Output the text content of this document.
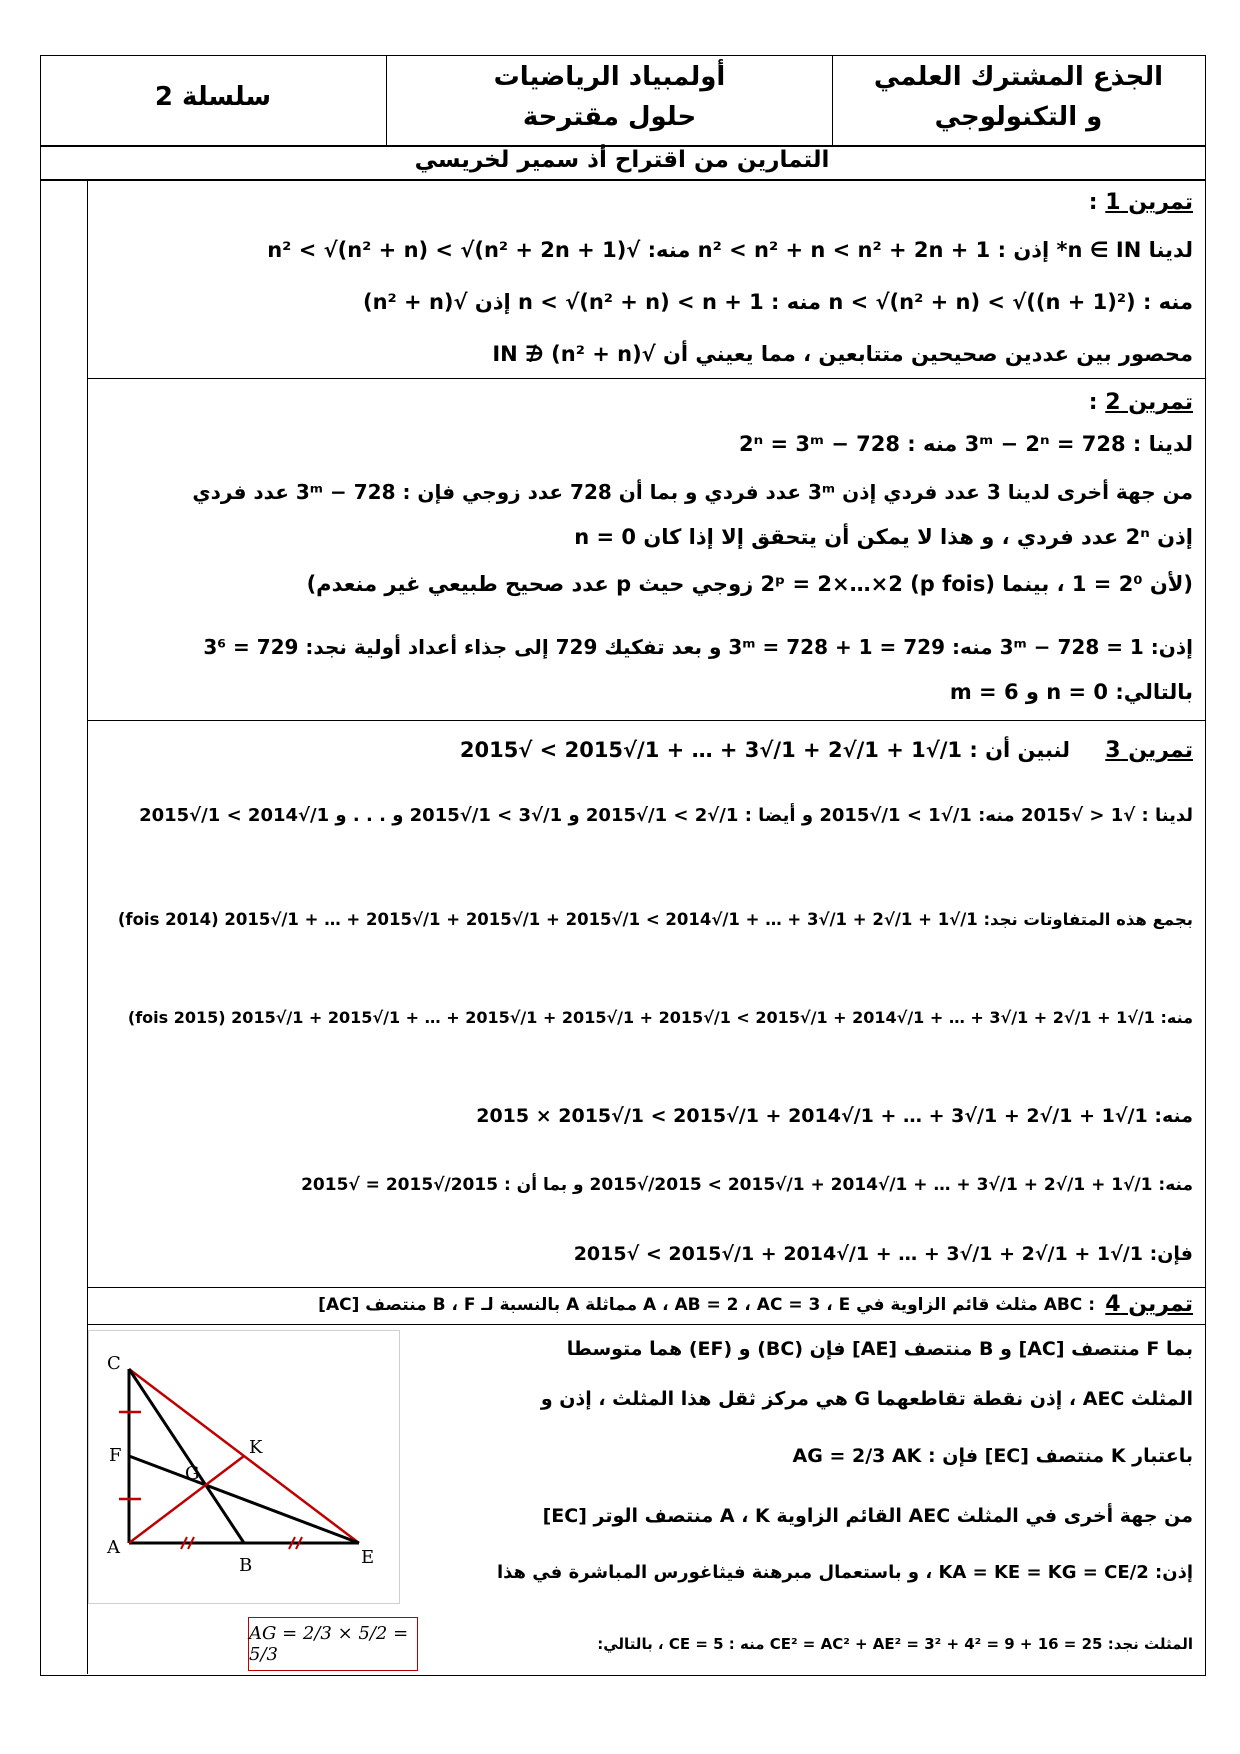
سلسلة 2
أولمبياد الرياضيات
حلول مقترحة
الجذع المشترك العلمي
و التكنولوجي
التمارين من اقتراح أذ سمير لخريسي
تمرين 1 :
لدينا n ∈ IN* إذن : n² < n² + n < n² + 2n + 1 منه: √n² < √(n² + n) < √(n² + 2n + 1)
منه : n < √(n² + n) < √((n + 1)²) منه : n < √(n² + n) < n + 1 إذن √(n² + n)
محصور بين عددين صحيحين متتابعين ، مما يعيني أن √(n² + n) ∉ IN
تمرين 2 :
لدينا : 3ᵐ − 2ⁿ = 728 منه : 2ⁿ = 3ᵐ − 728
من جهة أخرى لدينا 3 عدد فردي إذن 3ᵐ عدد فردي و بما أن 728 عدد زوجي فإن : 3ᵐ − 728 عدد فردي
إذن 2ⁿ عدد فردي ، و هذا لا يمكن أن يتحقق إلا إذا كان n = 0
(لأن 2⁰ = 1 ، بينما 2ᵖ = 2×…×2 (p fois) زوجي حيث p عدد صحيح طبيعي غير منعدم)
إذن: 3ᵐ − 728 = 1 منه: 3ᵐ = 728 + 1 = 729 و بعد تفكيك 729 إلى جذاء أعداد أولية نجد: 729 = 3⁶
بالتالي: n = 0 و m = 6
تمرين 3
لنبين أن : 1/√1 + 1/√2 + 1/√3 + … + 1/√2015 > √2015
لدينا : √1 < √2015 منه: 1/√1 > 1/√2015 و أيضا : 1/√2 > 1/√2015 و 1/√3 > 1/√2015 و . . . و 1/√2014 > 1/√2015
بجمع هذه المتفاوتات نجد: 1/√1 + 1/√2 + 1/√3 + … + 1/√2014 > 1/√2015 + 1/√2015 + 1/√2015 + … + 1/√2015 (2014 fois)
منه: 1/√1 + 1/√2 + 1/√3 + … + 1/√2014 + 1/√2015 > 1/√2015 + 1/√2015 + 1/√2015 + … + 1/√2015 + 1/√2015 (2015 fois)
منه: 1/√1 + 1/√2 + 1/√3 + … + 1/√2014 + 1/√2015 > 1/√2015 × 2015
منه: 1/√1 + 1/√2 + 1/√3 + … + 1/√2014 + 1/√2015 > 2015/√2015 و بما أن : 2015/√2015 = √2015
فإن: 1/√1 + 1/√2 + 1/√3 + … + 1/√2014 + 1/√2015 > √2015
تمرين 4
: ABC مثلث قائم الزاوية في A ، AB = 2 ، AC = 3 ، E مماثلة A بالنسبة لـ B ، F منتصف [AC]
بما F منتصف [AC] و B منتصف [AE] فإن (BC) و (EF) هما متوسطا
المثلث AEC ، إذن نقطة تقاطعهما G هي مركز ثقل هذا المثلث ، إذن و
باعتبار K منتصف [EC] فإن : AG = 2/3 AK
من جهة أخرى في المثلث AEC القائم الزاوية A ، K منتصف الوتر [EC]
إذن: KA = KE = KG = CE/2 ، و باستعمال مبرهنة فيثاغورس المباشرة في هذا
المثلث نجد: CE² = AC² + AE² = 3² + 4² = 9 + 16 = 25 منه : CE = 5 ، بالتالي:
AG = 2/3 × 5/2 = 5/3
C
F
G
K
A
B	E
